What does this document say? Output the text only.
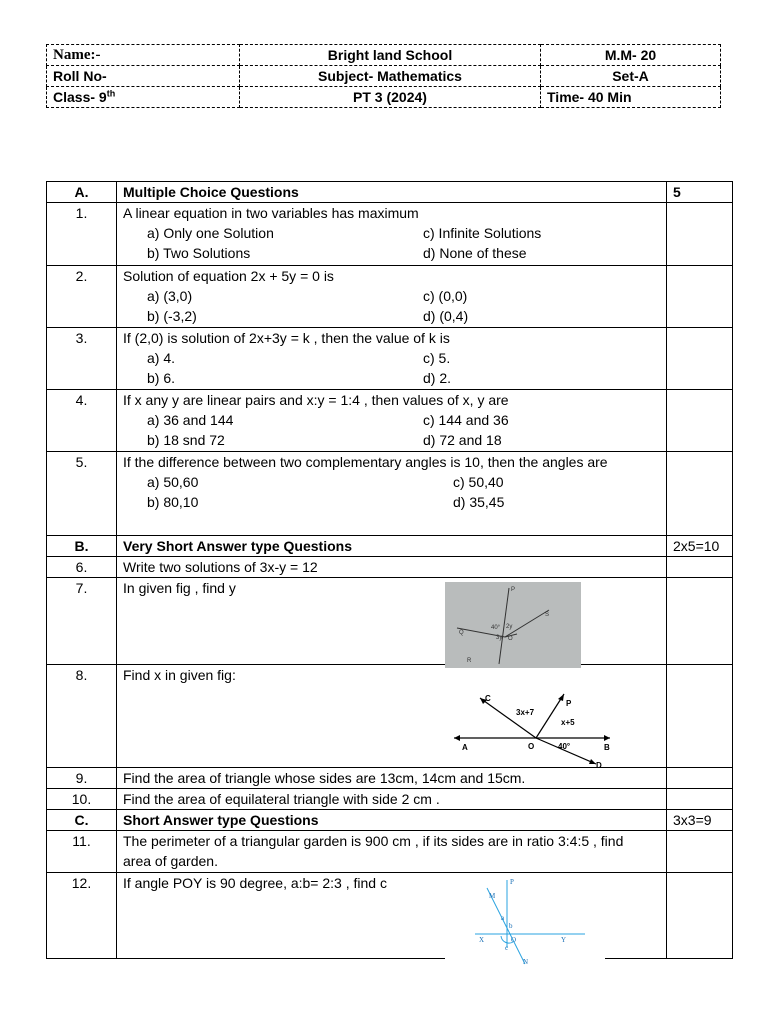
Name:-	Bright land School	M.M- 20
Roll No-	Subject- Mathematics	Set-A
Class- 9th	PT 3 (2024)	Time- 40 Min
A.	Multiple Choice Questions	5
1.	A linear equation in two variables has maximum
a) Only one Solution c) Infinite Solutions
b) Two Solutions d) None of these	

2.	Solution of equation 2x + 5y = 0 is
a) (3,0) c) (0,0)
b) (-3,2) d) (0,4)	

3.	If (2,0) is solution of 2x+3y = k , then the value of k is
a) 4. c) 5.
b) 6. d) 2.	

4.	If x any y are linear pairs and x:y = 1:4 , then values of x, y are
a) 36 and 144 c) 144 and 36
b) 18 snd 72 d) 72 and 18	

5.	If the difference between two complementary angles is 10, then the angles are
a) 50,60 c) 50,40
b) 80,10 d) 35,45	

B.	Very Short Answer type Questions	2x5=10
6.	Write two solutions of 3x-y = 12	
7.	In given fig , find y	
8.	Find x in given fig:	
9.	Find the area of triangle whose sides are 13cm, 14cm and 15cm.	
10.	Find the area of equilateral triangle with side 2 cm .	
C.	Short Answer type Questions	3x3=9
11.	The perimeter of a triangular garden is 900 cm , if its sides are in ratio 3:4:5 , find area of garden.	
12.	If angle POY is 90 degree, a:b= 2:3 , find c	
P
Q
40° 2y
3y O
S
R
C
P
3x+7
x+5
A	O	40°	B
D
P
M
a
b
X	O	Y
c
N
